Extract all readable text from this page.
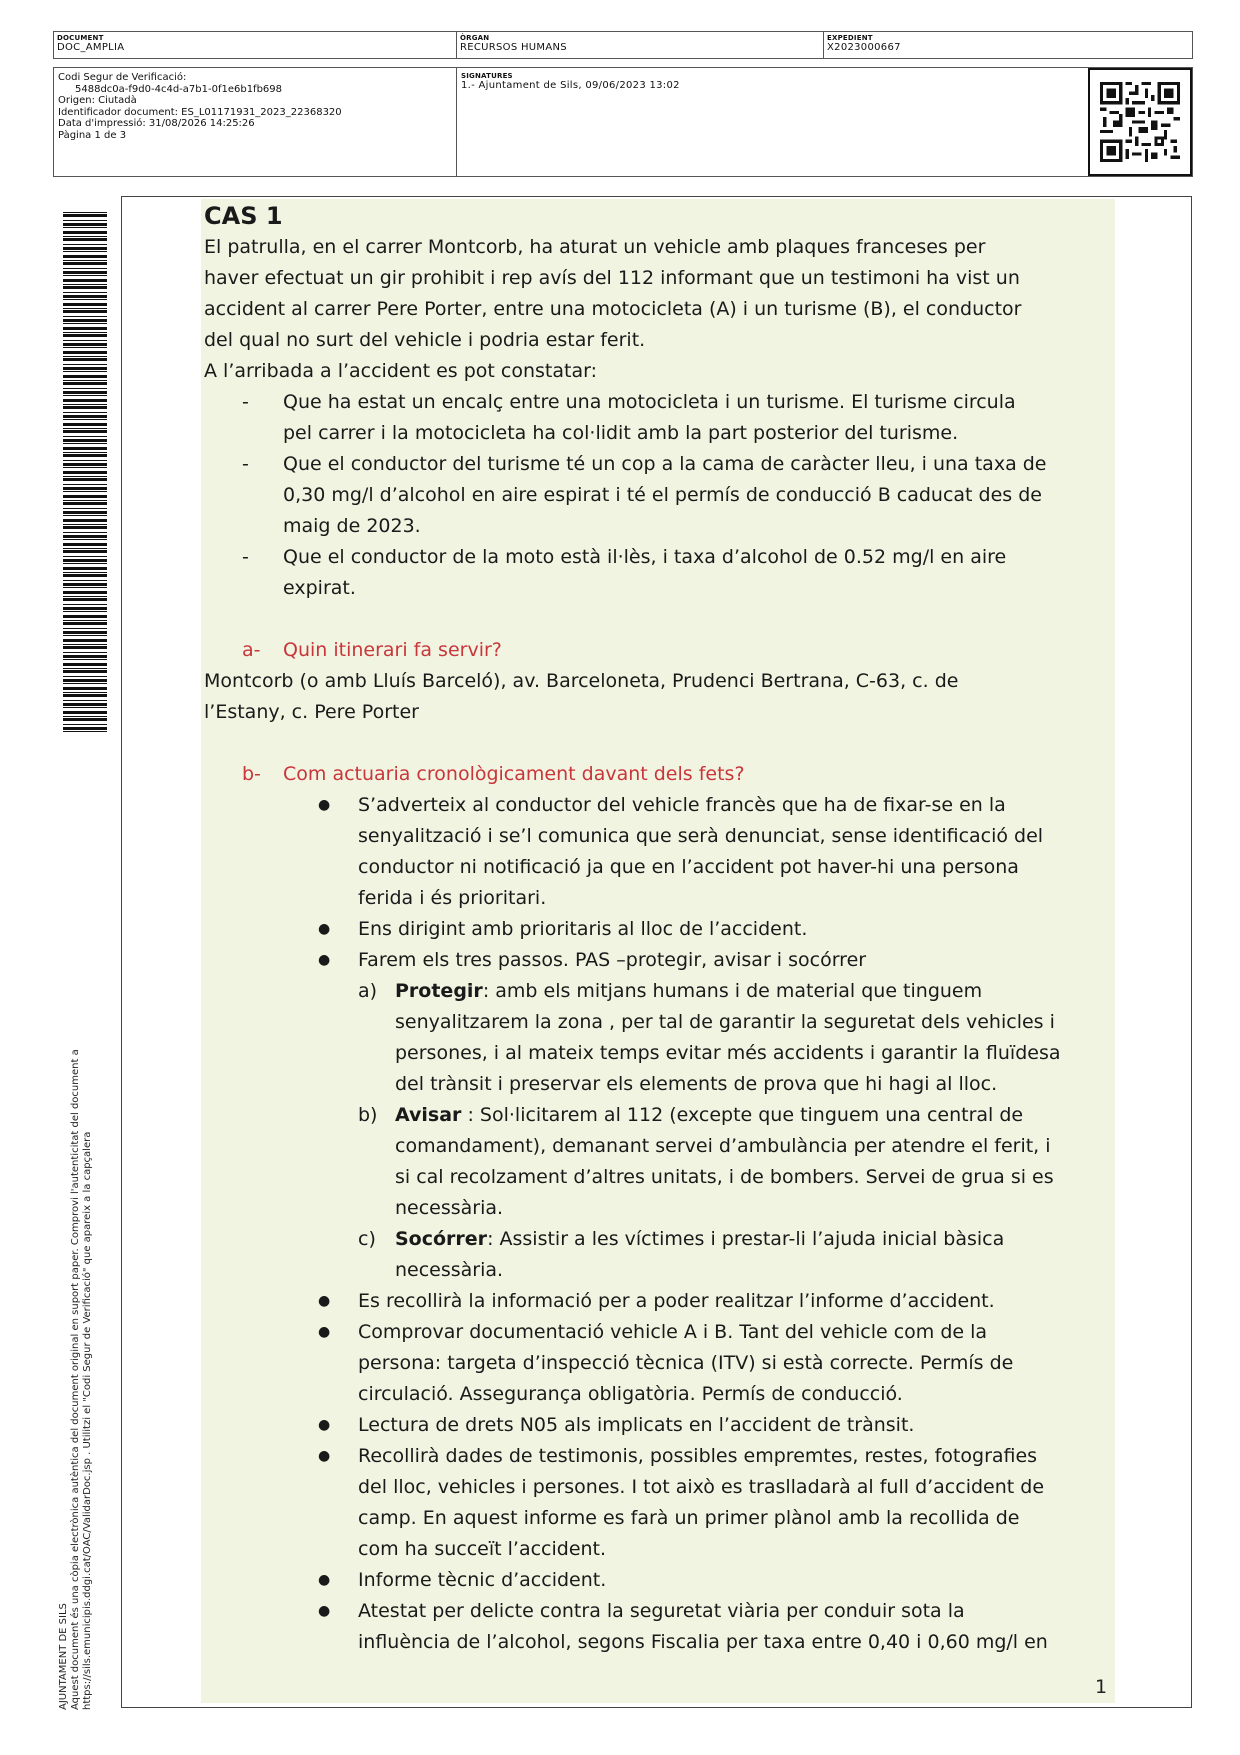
DOCUMENT
DOC_AMPLIA
ÒRGAN
RECURSOS HUMANS
EXPEDIENT
X2023000667
Codi Segur de Verificació:
5488dc0a-f9d0-4c4d-a7b1-0f1e6b1fb698
Origen: Ciutadà
Identificador document: ES_L01171931_2023_22368320
Data d'impressió: 31/08/2026 14:25:26
Pàgina 1 de 3
SIGNATURES
1.- Ajuntament de Sils, 09/06/2023 13:02
AJUNTAMENT DE SILS Aquest document és una còpia electrònica autèntica del document original en suport paper. Comprovi l'autenticitat del document a https://sils.emunicipis.ddgi.cat/OAC/ValidarDoc.jsp . Utilitzi el "Codi Segur de Verificació" que apareix a la capçalera

CAS 1

El patrulla, en el carrer Montcorb, ha aturat un vehicle amb plaques franceses per

haver efectuat un gir prohibit i rep avís del 112 informant que un testimoni ha vist un

accident al carrer Pere Porter, entre una motocicleta (A) i un turisme (B), el conductor

del qual no surt del vehicle i podria estar ferit.

A l’arribada a l’accident es pot constatar:

-	Que ha estat un encalç entre una motocicleta i un turisme. El turisme circula

pel carrer i la motocicleta ha col·lidit amb la part posterior del turisme.

-	Que el conductor del turisme té un cop a la cama de caràcter lleu, i una taxa de

0,30 mg/l d’alcohol en aire espirat i té el permís de conducció B caducat des de

maig de 2023.

-	Que el conductor de la moto està il·lès, i taxa d’alcohol de 0.52 mg/l en aire

expirat.

a-	Quin itinerari fa servir?

Montcorb (o amb Lluís Barceló), av. Barceloneta, Prudenci Bertrana, C-63, c. de

l’Estany, c. Pere Porter

b-	Com actuaria cronològicament davant dels fets?
●	S’adverteix al conductor del vehicle francès que ha de fixar-se en la

senyalització i se’l comunica que serà denunciat, sense identificació del

conductor ni notificació ja que en l’accident pot haver-hi una persona

ferida i és prioritari.

●	Ens dirigint amb prioritaris al lloc de l’accident.

●	Farem els tres passos. PAS –protegir, avisar i socórrer

a) Protegir: amb els mitjans humans i de material que tinguem

senyalitzarem la zona , per tal de garantir la seguretat dels vehicles i

persones, i al mateix temps evitar més accidents i garantir la fluïdesa

del trànsit i preservar els elements de prova que hi hagi al lloc.

b) Avisar : Sol·licitarem al 112 (excepte que tinguem una central de

comandament), demanant servei d’ambulància per atendre el ferit, i

si cal recolzament d’altres unitats, i de bombers. Servei de grua si es

necessària.

c)	Socórrer: Assistir a les víctimes i prestar-li l’ajuda inicial bàsica

necessària.

●	Es recollirà la informació per a poder realitzar l’informe d’accident.

●	Comprovar documentació vehicle A i B. Tant del vehicle com de la

persona: targeta d’inspecció tècnica (ITV) si està correcte. Permís de

circulació. Assegurança obligatòria. Permís de conducció.

●	Lectura de drets N05 als implicats en l’accident de trànsit.

●	Recollirà dades de testimonis, possibles empremtes, restes, fotografies

del lloc, vehicles i persones. I tot això es traslladarà al full d’accident de

camp. En aquest informe es farà un primer plànol amb la recollida de

com ha succeït l’accident.

●	Informe tècnic d’accident.

●	Atestat per delicte contra la seguretat viària per conduir sota la

influència de l’alcohol, segons Fiscalia per taxa entre 0,40 i 0,60 mg/l en

1
